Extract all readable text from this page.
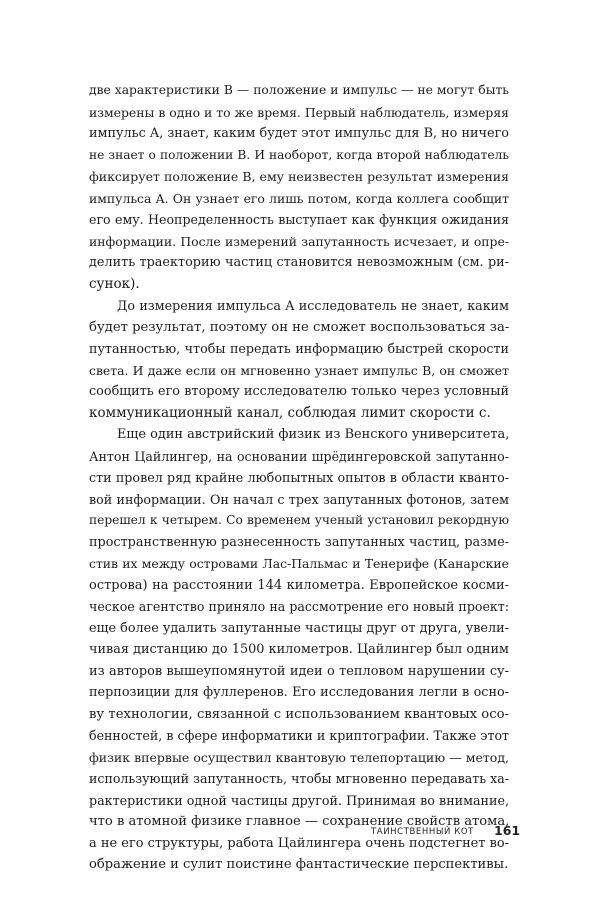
две характеристики B — положение и импульс — не могут быть
измерены в одно и то же время. Первый наблюдатель, измеряя
импульс A, знает, каким будет этот импульс для B, но ничего
не знает о положении B. И наоборот, когда второй наблюдатель
фиксирует положение B, ему неизвестен результат измерения
импульса A. Он узнает его лишь потом, когда коллега сообщит
его ему. Неопределенность выступает как функция ожидания
информации. После измерений запутанность исчезает, и опре-
делить траекторию частиц становится невозможным (см. ри-
сунок).

До измерения импульса A исследователь не знает, каким
будет результат, поэтому он не сможет воспользоваться за-
путанностью, чтобы передать информацию быстрей скорости
света. И даже если он мгновенно узнает импульс B, он сможет
сообщить его второму исследователю только через условный
коммуникационный канал, соблюдая лимит скорости c.

Еще один австрийский физик из Венского университета,
Антон Цайлингер, на основании шрёдингеровской запутанно-
сти провел ряд крайне любопытных опытов в области кванто-
вой информации. Он начал с трех запутанных фотонов, затем
перешел к четырем. Со временем ученый установил рекордную
пространственную разнесенность запутанных частиц, разме-
стив их между островами Лас-Пальмас и Тенерифе (Канарские
острова) на расстоянии 144 километра. Европейское косми-
ческое агентство приняло на рассмотрение его новый проект:
еще более удалить запутанные частицы друг от друга, увели-
чивая дистанцию до 1500 километров. Цайлингер был одним
из авторов вышеупомянутой идеи о тепловом нарушении су-
перпозиции для фуллеренов. Его исследования легли в осно-
ву технологии, связанной с использованием квантовых осо-
бенностей, в сфере информатики и криптографии. Также этот
физик впервые осуществил квантовую телепортацию — метод,
использующий запутанность, чтобы мгновенно передавать ха-
рактеристики одной частицы другой. Принимая во внимание,
что в атомной физике главное — сохранение свойств атома,
а не его структуры, работа Цайлингера очень подстегнет во-
ображение и сулит поистине фантастические перспективы.

ТАИНСТВЕННЫЙ КОТ 161
